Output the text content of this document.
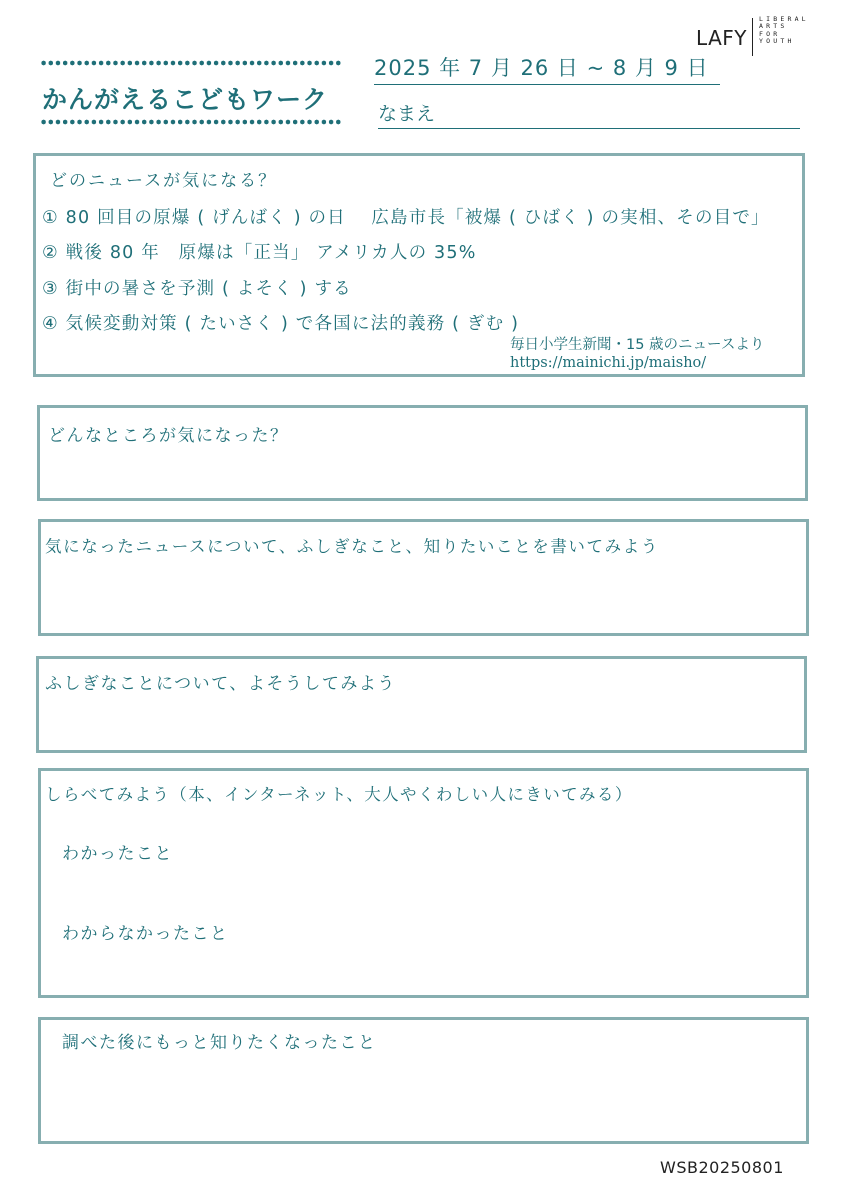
かんがえるこどもワーク
2025 年 7 月 26 日 ~ 8 月 9 日
なまえ
LAFY
LIBERAL
ARTS
FOR
YOUTH
どのニュースが気になる？
① 80 回目の原爆 ( げんばく ) の日　 広島市長「被爆 ( ひばく ) の実相、その目で」
② 戦後 80 年　原爆は「正当」 アメリカ人の 35%
③ 街中の暑さを予測 ( よそく ) する
④ 気候変動対策 ( たいさく ) で各国に法的義務 ( ぎむ )
毎日小学生新聞・15 歳のニュースより
https://mainichi.jp/maisho/
どんなところが気になった？
気になったニュースについて、ふしぎなこと、知りたいことを書いてみよう
ふしぎなことについて、よそうしてみよう
しらべてみよう（本、インターネット、大人やくわしい人にきいてみる）
わかったこと
わからなかったこと
調べた後にもっと知りたくなったこと
WSB20250801
